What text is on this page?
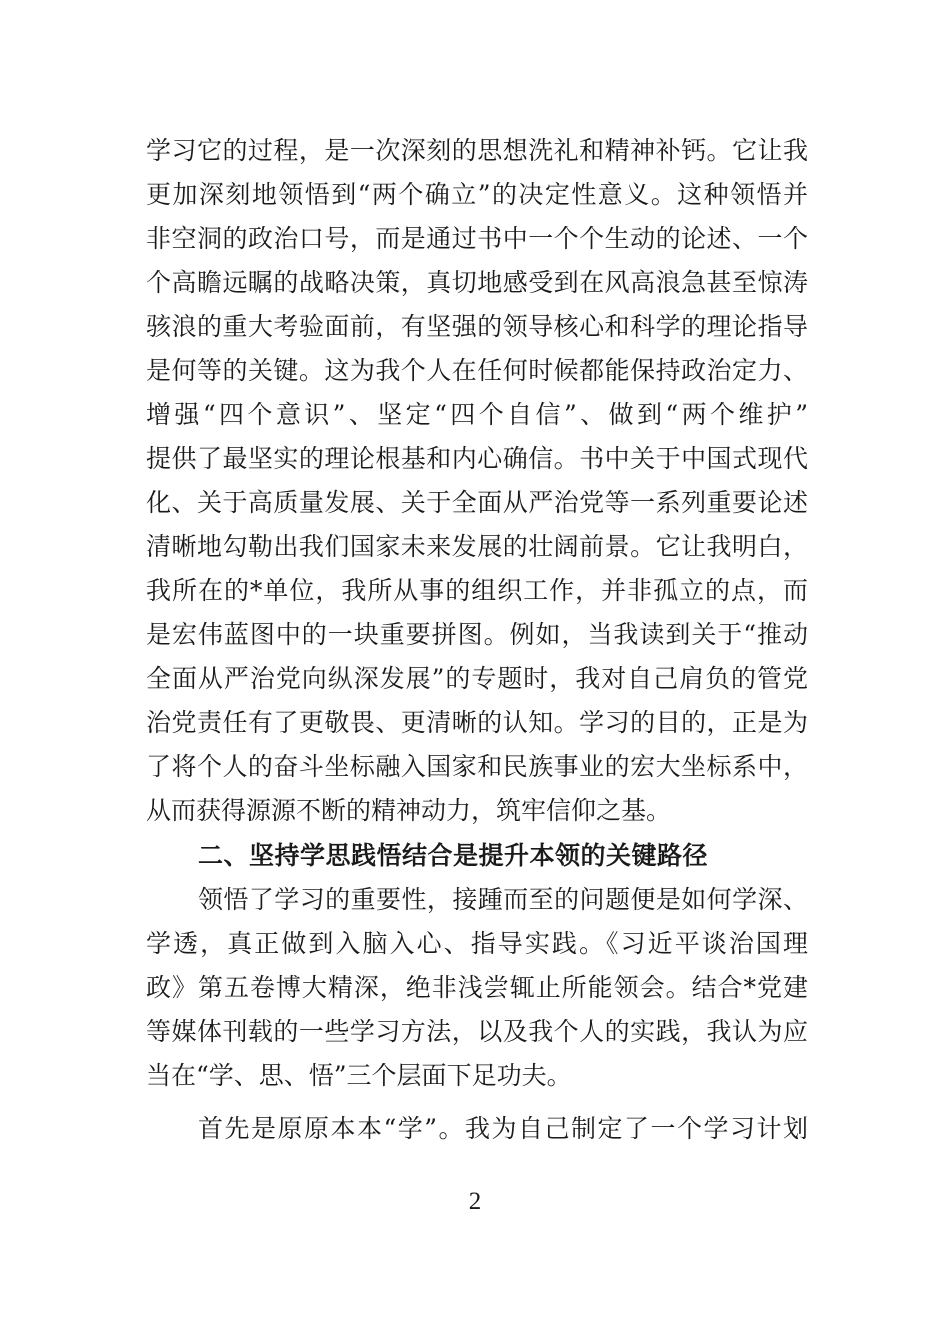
学习它的过程，是一次深刻的思想洗礼和精神补钙。它让我
更加深刻地领悟到“两个确立”的决定性意义。这种领悟并
非空洞的政治口号，而是通过书中一个个生动的论述、一个
个高瞻远瞩的战略决策，真切地感受到在风高浪急甚至惊涛
骇浪的重大考验面前，有坚强的领导核心和科学的理论指导
是何等的关键。这为我个人在任何时候都能保持政治定力、
增强“四个意识”、坚定“四个自信”、做到“两个维护”
提供了最坚实的理论根基和内心确信。书中关于中国式现代
化、关于高质量发展、关于全面从严治党等一系列重要论述
清晰地勾勒出我们国家未来发展的壮阔前景。它让我明白，
我所在的*单位，我所从事的组织工作，并非孤立的点，而
是宏伟蓝图中的一块重要拼图。例如，当我读到关于“推动
全面从严治党向纵深发展”的专题时，我对自己肩负的管党
治党责任有了更敬畏、更清晰的认知。学习的目的，正是为
了将个人的奋斗坐标融入国家和民族事业的宏大坐标系中，
从而获得源源不断的精神动力，筑牢信仰之基。
二、坚持学思践悟结合是提升本领的关键路径
领悟了学习的重要性，接踵而至的问题便是如何学深、
学透，真正做到入脑入心、指导实践。《习近平谈治国理
政》第五卷博大精深，绝非浅尝辄止所能领会。结合*党建
等媒体刊载的一些学习方法，以及我个人的实践，我认为应
当在“学、思、悟”三个层面下足功夫。
首先是原原本本“学”。我为自己制定了一个学习计划
2
